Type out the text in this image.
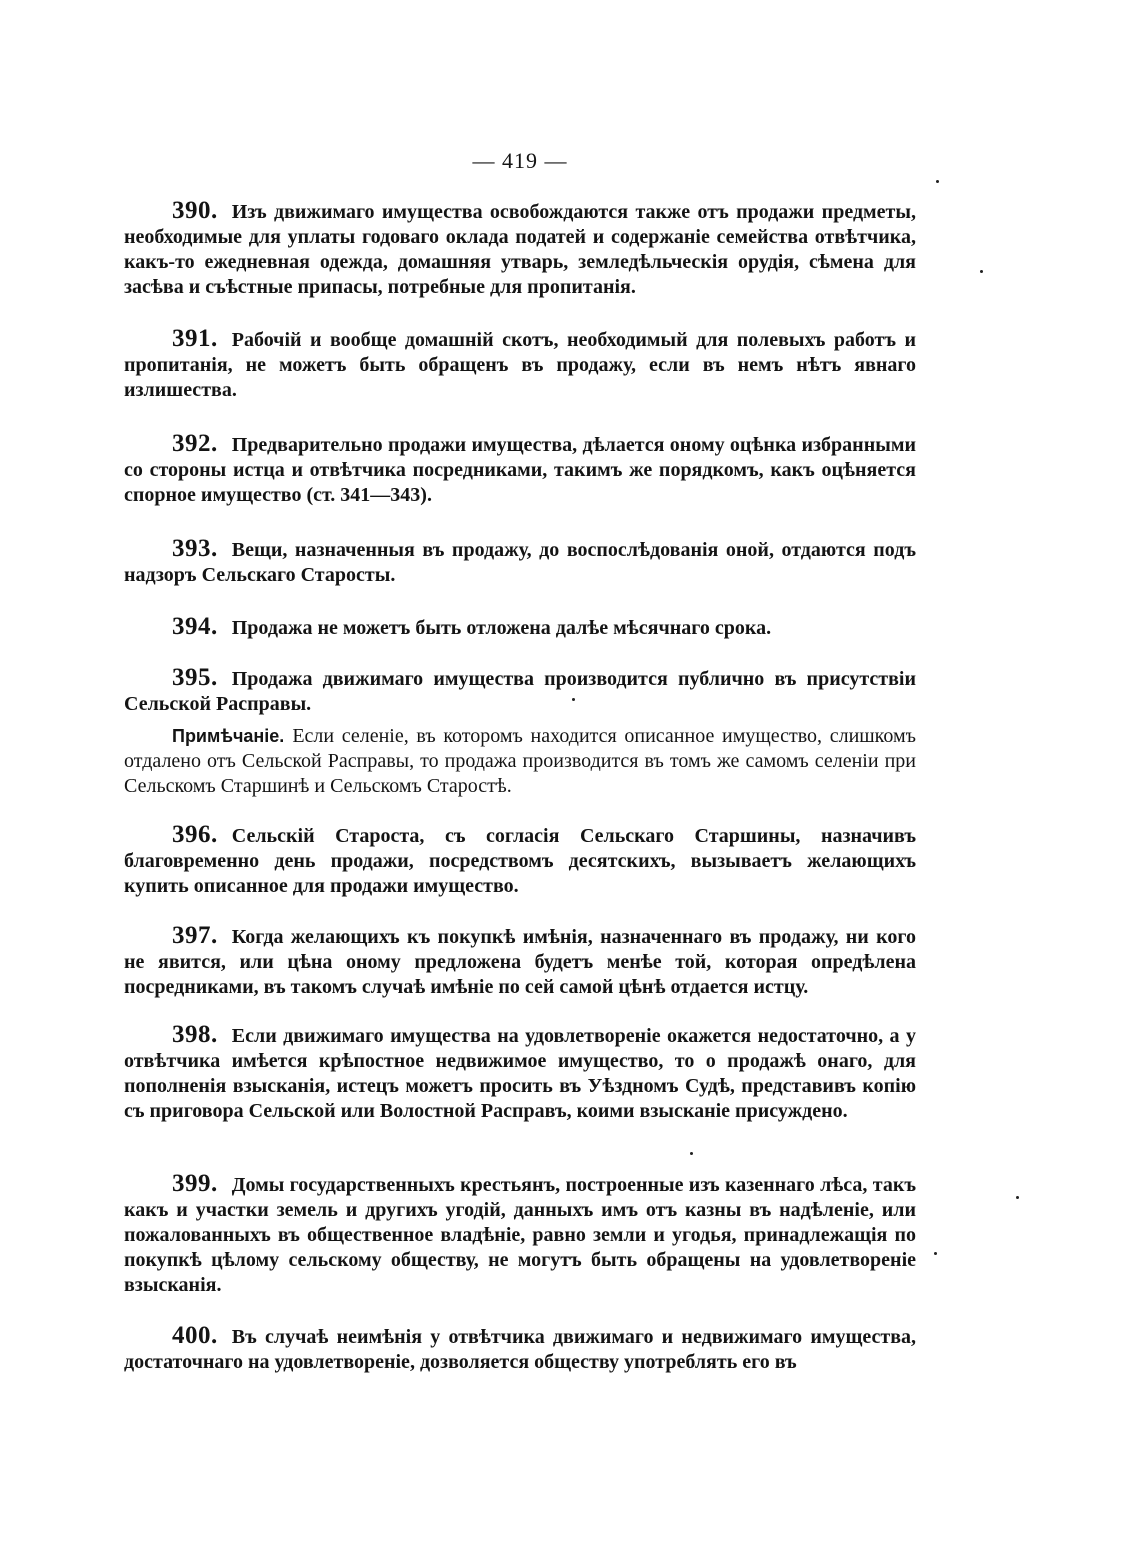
— 419 —
390. Изъ движимаго имущества освобождаются также отъ продажи предметы, необходимые для уплаты годоваго оклада податей и содержаніе семейства отвѣтчика, какъ-то ежедневная одежда, домашняя утварь, земледѣльческія орудія, сѣмена для засѣва и съѣстные припасы, потребные для пропитанія.
391. Рабочій и вообще домашній скотъ, необходимый для полевыхъ работъ и пропитанія, не можетъ быть обращенъ въ продажу, если въ немъ нѣтъ явнаго излишества.
392. Предварительно продажи имущества, дѣлается оному оцѣнка избранными со стороны истца и отвѣтчика посредниками, такимъ же порядкомъ, какъ оцѣняется спорное имущество (ст. 341—343).
393. Вещи, назначенныя въ продажу, до воспослѣдованія оной, отдаются подъ надзоръ Сельскаго Старосты.
394. Продажа не можетъ быть отложена далѣе мѣсячнаго срока.
395. Продажа движимаго имущества производится публично въ присутствіи Сельской Расправы.
Примѣчаніе. Если селеніе, въ которомъ находится описанное имущество, слишкомъ отдалено отъ Сельской Расправы, то продажа производится въ томъ же самомъ селеніи при Сельскомъ Старшинѣ и Сельскомъ Старостѣ.
396. Сельскій Староста, съ согласія Сельскаго Старшины, назначивъ благовременно день продажи, посредствомъ десятскихъ, вызываетъ желающихъ купить описанное для продажи имущество.
397. Когда желающихъ къ покупкѣ имѣнія, назначеннаго въ продажу, ни кого не явится, или цѣна оному предложена будетъ менѣе той, которая опредѣлена посредниками, въ такомъ случаѣ имѣніе по сей самой цѣнѣ отдается истцу.
398. Если движимаго имущества на удовлетвореніе окажется недостаточно, а у отвѣтчика имѣется крѣпостное недвижимое имущество, то о продажѣ онаго, для пополненія взысканія, истецъ можетъ просить въ Уѣздномъ Судѣ, представивъ копію съ приговора Сельской или Волостной Расправъ, коими взысканіе присуждено.
399. Домы государственныхъ крестьянъ, построенные изъ казеннаго лѣса, такъ какъ и участки земель и другихъ угодій, данныхъ имъ отъ казны въ надѣленіе, или пожалованныхъ въ общественное владѣніе, равно земли и угодья, принадлежащія по покупкѣ цѣлому сельскому обществу, не могутъ быть обращены на удовлетвореніе взысканія.
400. Въ случаѣ неимѣнія у отвѣтчика движимаго и недвижимаго имущества, достаточнаго на удовлетвореніе, дозволяется обществу употреблять его въ
